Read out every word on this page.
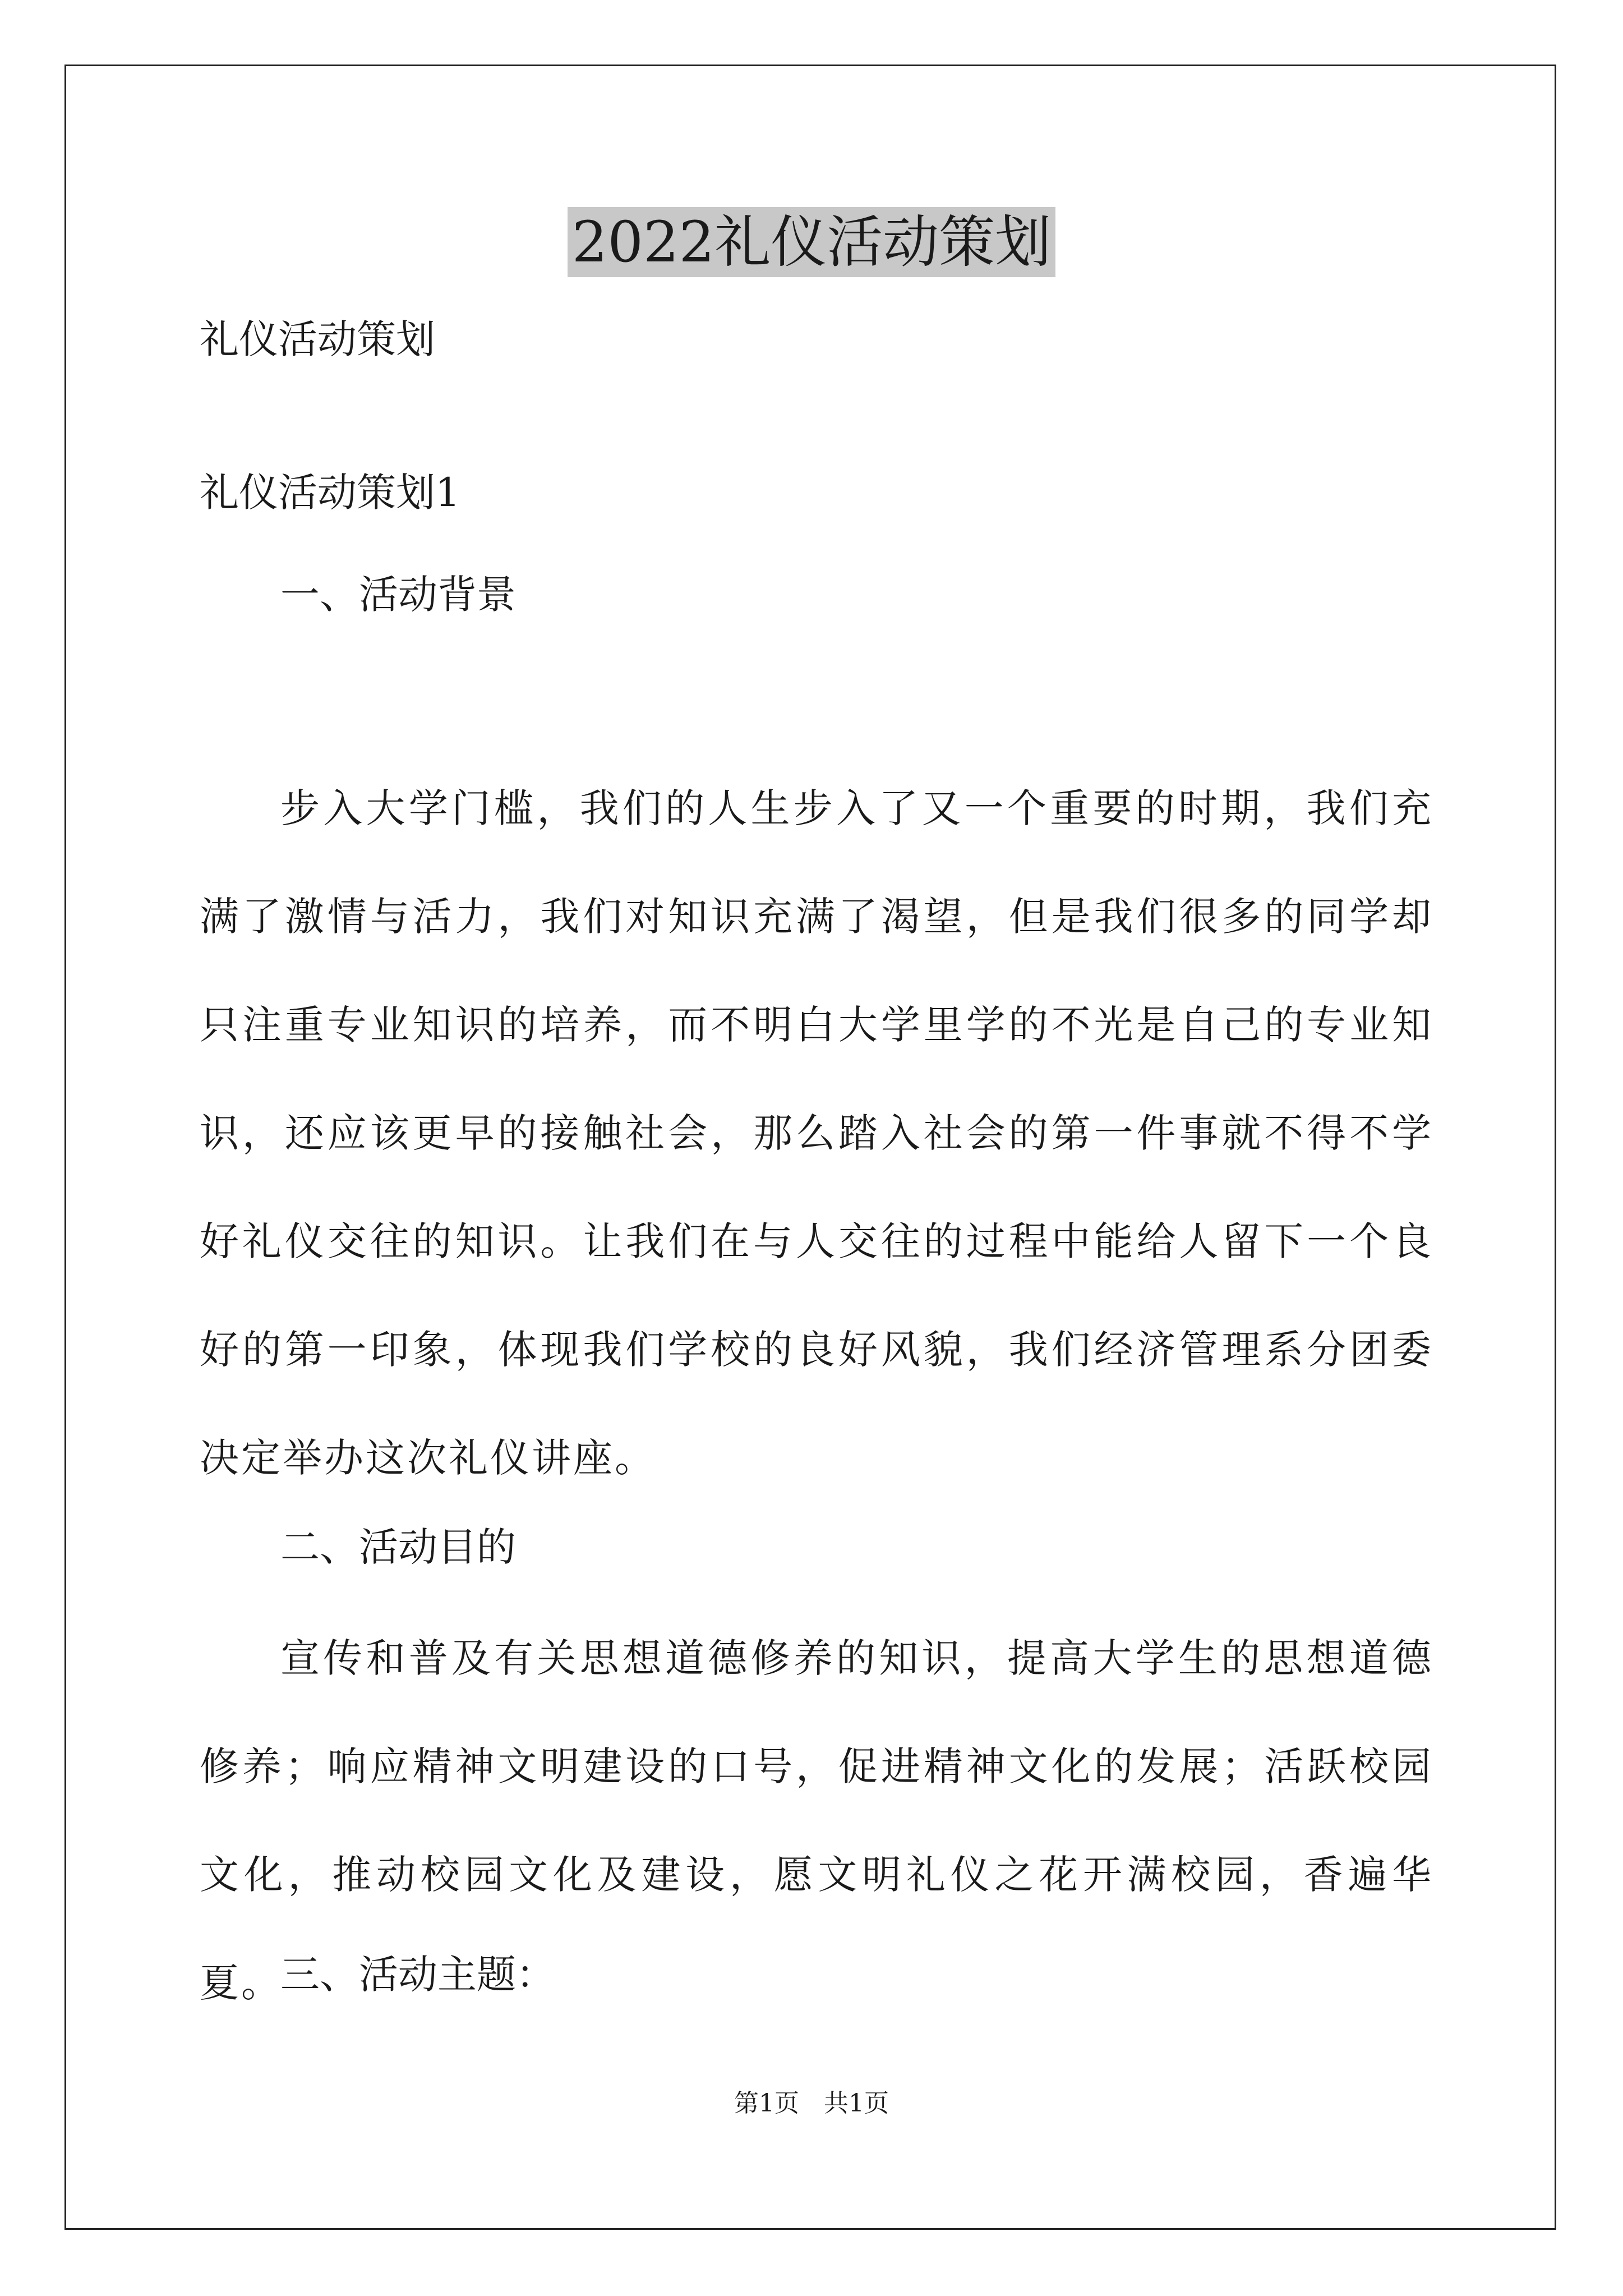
2022礼仪活动策划
礼仪活动策划
礼仪活动策划1
一、活动背景
步入大学门槛，我们的人生步入了又一个重要的时期，我们充满了激情与活力，我们对知识充满了渴望，但是我们很多的同学却只注重专业知识的培养，而不明白大学里学的不光是自己的专业知识，还应该更早的接触社会，那么踏入社会的第一件事就不得不学好礼仪交往的知识。让我们在与人交往的过程中能给人留下一个良好的第一印象，体现我们学校的良好风貌，我们经济管理系分团委决定举办这次礼仪讲座。
二、活动目的
宣传和普及有关思想道德修养的知识，提高大学生的思想道德修养；响应精神文明建设的口号，促进精神文化的发展；活跃校园文化，推动校园文化及建设，愿文明礼仪之花开满校园，香遍华夏。
三、活动主题：
第1页　共1页
